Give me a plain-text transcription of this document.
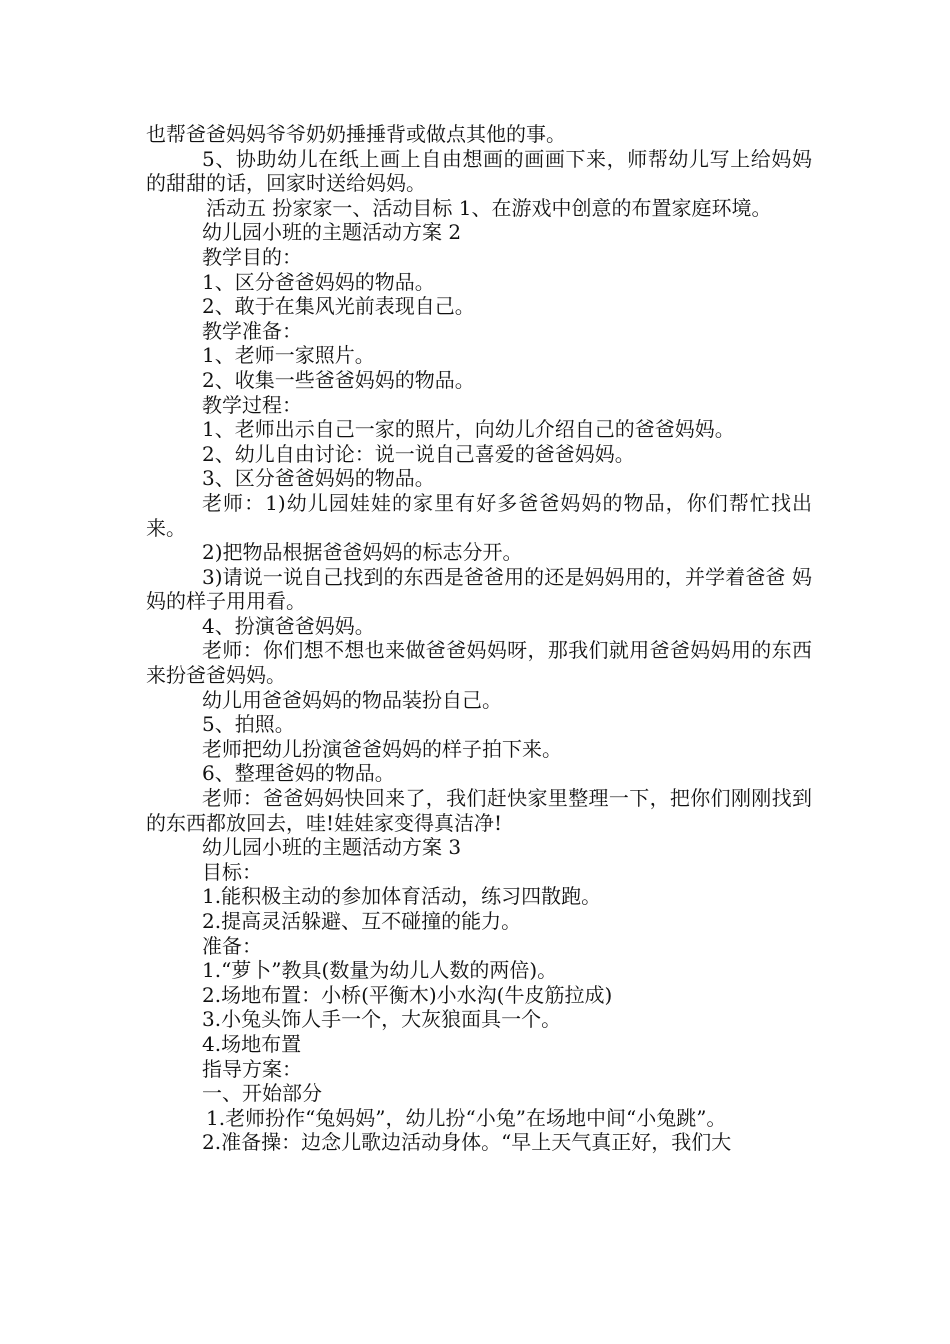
也帮爸爸妈妈爷爷奶奶捶捶背或做点其他的事。

5、协助幼儿在纸上画上自由想画的画画下来，师帮幼儿写上给妈妈的甜甜的话，回家时送给妈妈。

活动五 扮家家一、活动目标 1、在游戏中创意的布置家庭环境。

幼儿园小班的主题活动方案 2

教学目的：

1、区分爸爸妈妈的物品。

2、敢于在集风光前表现自己。

教学准备：

1、老师一家照片。

2、收集一些爸爸妈妈的物品。

教学过程：

1、老师出示自己一家的照片，向幼儿介绍自己的爸爸妈妈。

2、幼儿自由讨论：说一说自己喜爱的爸爸妈妈。

3、区分爸爸妈妈的物品。

老师：1)幼儿园娃娃的家里有好多爸爸妈妈的物品，你们帮忙找出来。

2)把物品根据爸爸妈妈的标志分开。

3)请说一说自己找到的东西是爸爸用的还是妈妈用的，并学着爸爸 妈妈的样子用用看。

4、扮演爸爸妈妈。

老师：你们想不想也来做爸爸妈妈呀，那我们就用爸爸妈妈用的东西来扮爸爸妈妈。

幼儿用爸爸妈妈的物品装扮自己。

5、拍照。

老师把幼儿扮演爸爸妈妈的样子拍下来。

6、整理爸妈的物品。

老师：爸爸妈妈快回来了，我们赶快家里整理一下，把你们刚刚找到的东西都放回去，哇!娃娃家变得真洁净!

幼儿园小班的主题活动方案 3

目标：

1.能积极主动的参加体育活动，练习四散跑。

2.提高灵活躲避、互不碰撞的能力。

准备：

1.“萝卜”教具(数量为幼儿人数的两倍)。

2.场地布置：小桥(平衡木)小水沟(牛皮筋拉成)

3.小兔头饰人手一个，大灰狼面具一个。

4.场地布置

指导方案：

一、开始部分

1.老师扮作“兔妈妈”，幼儿扮“小兔”在场地中间“小兔跳”。

2.准备操：边念儿歌边活动身体。“早上天气真正好，我们大
